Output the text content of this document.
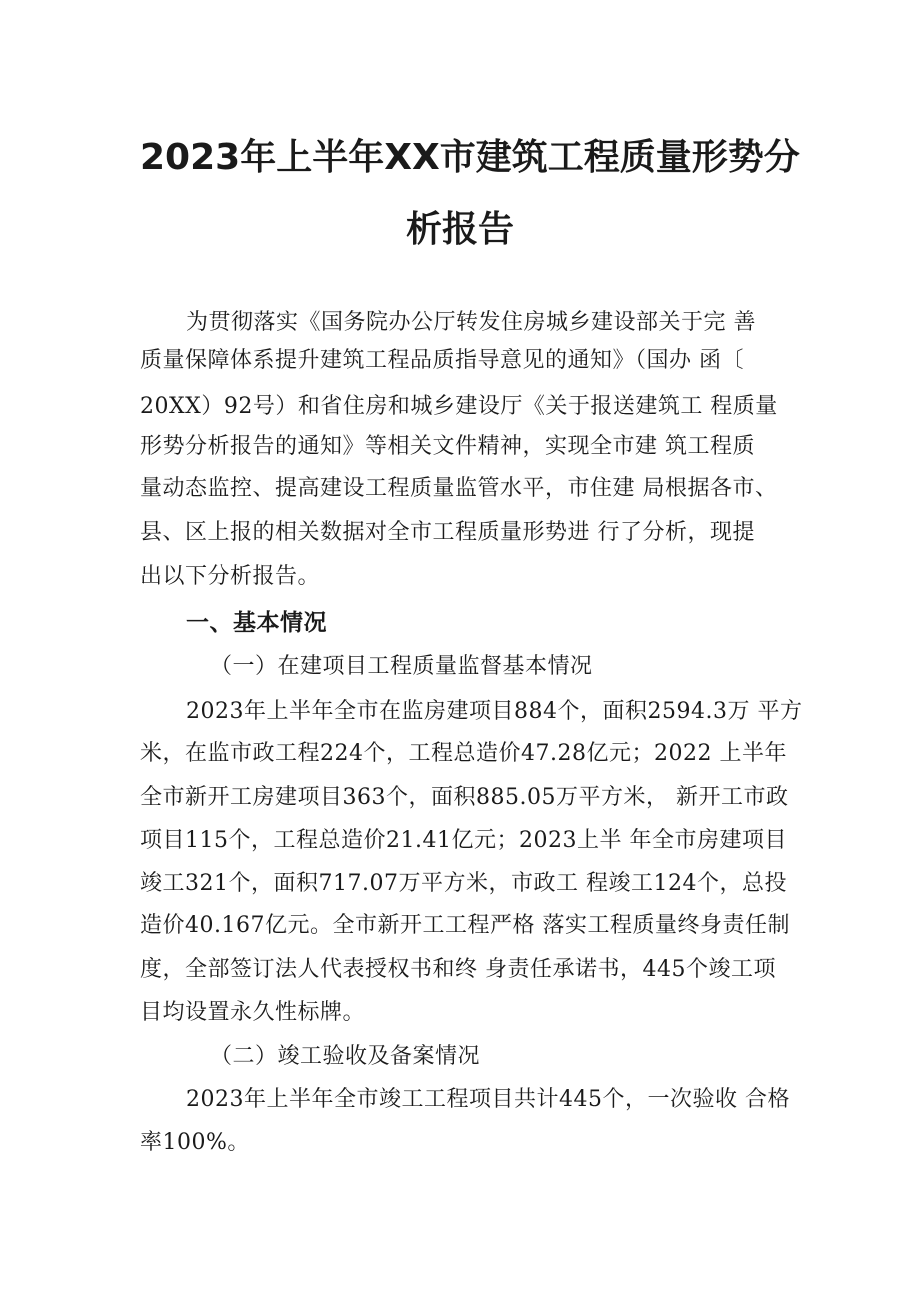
2023年上半年XX市建筑工程质量形势分
析报告
为贯彻落实《国务院办公厅转发住房城乡建设部关于完 善
质量保障体系提升建筑工程品质指导意见的通知》（国办 函〔
20XX）92号）和省住房和城乡建设厅《关于报送建筑工 程质量
形势分析报告的通知》等相关文件精神，实现全市建 筑工程质
量动态监控、提高建设工程质量监管水平，市住建 局根据各市、
县、区上报的相关数据对全市工程质量形势进 行了分析，现提
出以下分析报告。
一、基本情况
（一）在建项目工程质量监督基本情况
2023年上半年全市在监房建项目884个，面积2594.3万 平方
米，在监市政工程224个，工程总造价47.28亿元；2022 上半年
全市新开工房建项目363个，面积885.05万平方米， 新开工市政
项目115个，工程总造价21.41亿元；2023上半 年全市房建项目
竣工321个，面积717.07万平方米，市政工 程竣工124个，总投
造价40.167亿元。全市新开工工程严格 落实工程质量终身责任制
度，全部签订法人代表授权书和终 身责任承诺书，445个竣工项
目均设置永久性标牌。
（二）竣工验收及备案情况
2023年上半年全市竣工工程项目共计445个，一次验收 合格
率100%。
